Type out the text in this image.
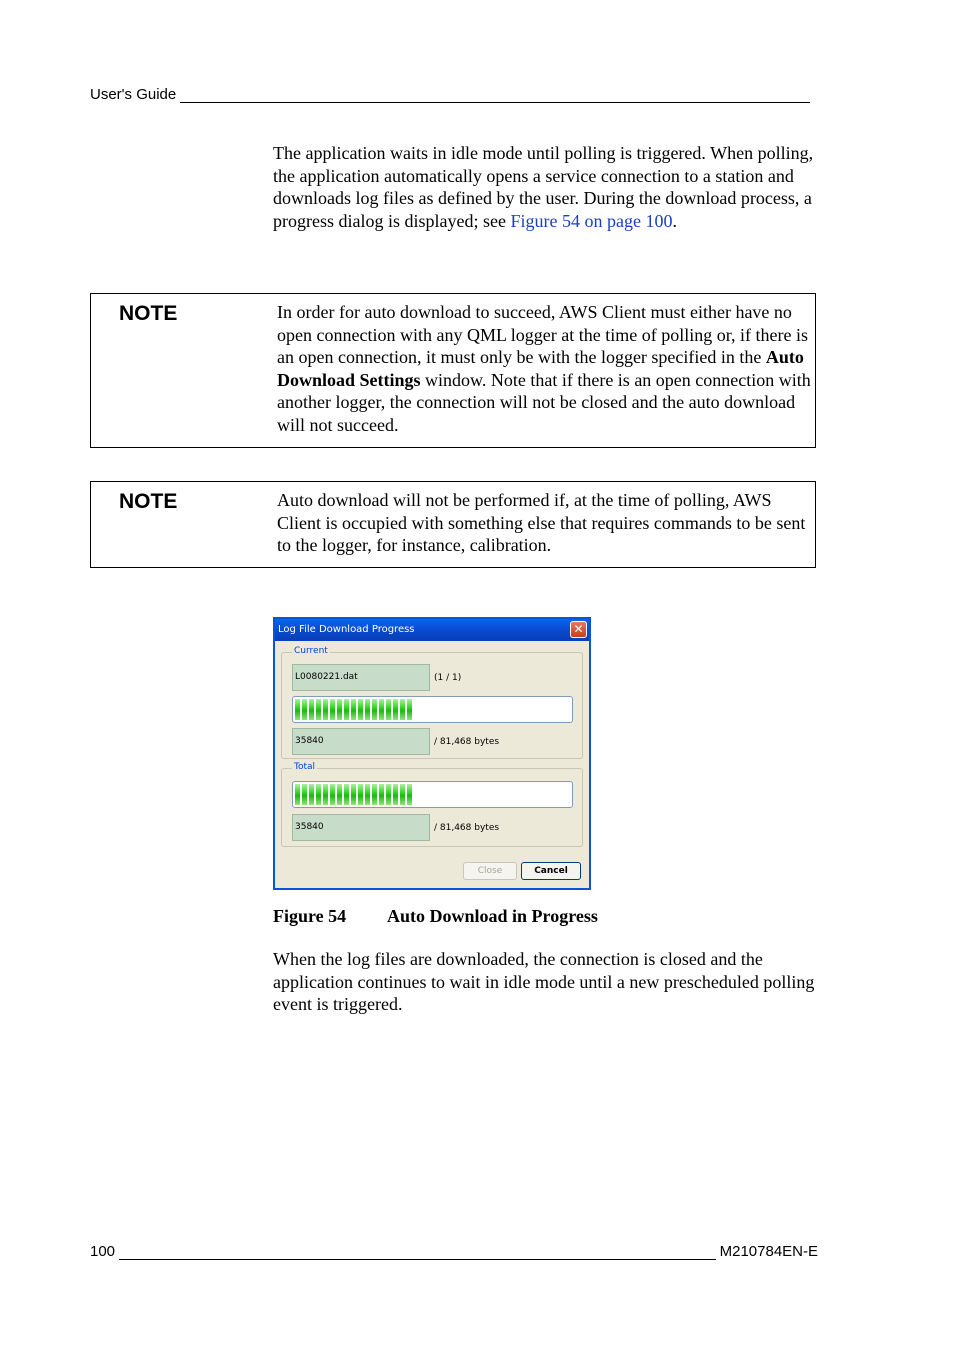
User's Guide

The application waits in idle mode until polling is triggered. When polling, the application automatically opens a service connection to a station and downloads log files as defined by the user. During the download process, a progress dialog is displayed; see Figure 54 on page 100.

NOTE	In order for auto download to succeed, AWS Client must either have no open connection with any QML logger at the time of polling or, if there is an open connection, it must only be with the logger specified in the Auto Download Settings window. Note that if there is an open connection with another logger, the connection will not be closed and the auto download will not succeed.
NOTE	Auto download will not be performed if, at the time of polling, AWS Client is occupied with something else that requires commands to be sent to the logger, for instance, calibration.
Log File Download Progress	✕
Current
L0080221.dat	(1 / 1)
35840	/ 81,468 bytes
Total
35840	/ 81,468 bytes
Close	Cancel
Figure 54 Auto Download in Progress

When the log files are downloaded, the connection is closed and the application continues to wait in idle mode until a new prescheduled polling event is triggered.

100	M210784EN-E
